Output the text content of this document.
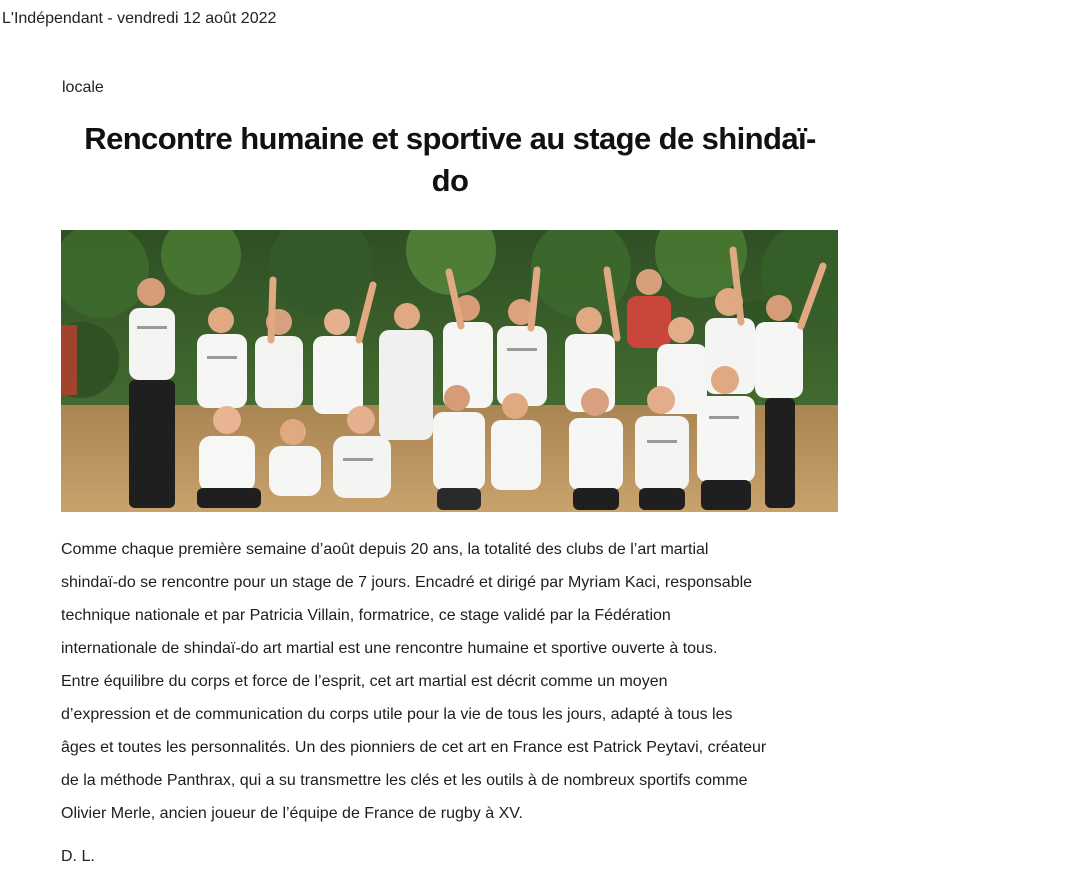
L'Indépendant - vendredi 12 août 2022
locale
Rencontre humaine et sportive au stage de shindaï-
do
Comme chaque première semaine d’août depuis 20 ans, la totalité des clubs de l’art martial
shindaï-do se rencontre pour un stage de 7 jours. Encadré et dirigé par Myriam Kaci, responsable
technique nationale et par Patricia Villain, formatrice, ce stage validé par la Fédération
internationale de shindaï-do art martial est une rencontre humaine et sportive ouverte à tous.
Entre équilibre du corps et force de l’esprit, cet art martial est décrit comme un moyen
d’expression et de communication du corps utile pour la vie de tous les jours, adapté à tous les
âges et toutes les personnalités. Un des pionniers de cet art en France est Patrick Peytavi, créateur
de la méthode Panthrax, qui a su transmettre les clés et les outils à de nombreux sportifs comme
Olivier Merle, ancien joueur de l’équipe de France de rugby à XV.
D. L.
